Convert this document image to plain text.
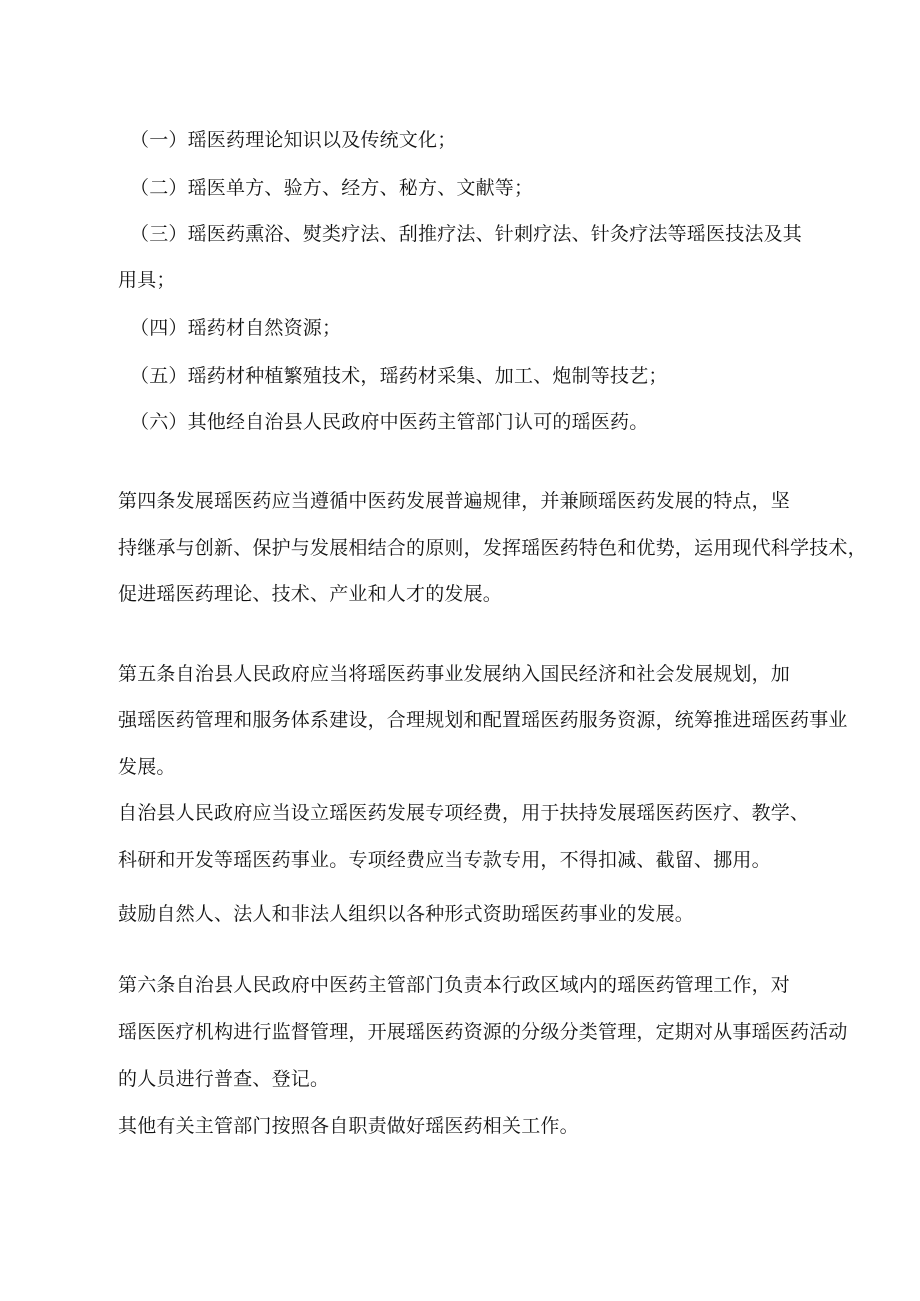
（一）瑶医药理论知识以及传统文化；
（二）瑶医单方、验方、经方、秘方、文献等；
（三）瑶医药熏浴、熨类疗法、刮推疗法、针刺疗法、针灸疗法等瑶医技法及其
用具；
（四）瑶药材自然资源；
（五）瑶药材种植繁殖技术，瑶药材采集、加工、炮制等技艺；
（六）其他经自治县人民政府中医药主管部门认可的瑶医药。
第四条发展瑶医药应当遵循中医药发展普遍规律，并兼顾瑶医药发展的特点，坚
持继承与创新、保护与发展相结合的原则，发挥瑶医药特色和优势，运用现代科学技术，
促进瑶医药理论、技术、产业和人才的发展。
第五条自治县人民政府应当将瑶医药事业发展纳入国民经济和社会发展规划，加
强瑶医药管理和服务体系建设，合理规划和配置瑶医药服务资源，统筹推进瑶医药事业
发展。
自治县人民政府应当设立瑶医药发展专项经费，用于扶持发展瑶医药医疗、教学、
科研和开发等瑶医药事业。专项经费应当专款专用，不得扣减、截留、挪用。
鼓励自然人、法人和非法人组织以各种形式资助瑶医药事业的发展。
第六条自治县人民政府中医药主管部门负责本行政区域内的瑶医药管理工作，对
瑶医医疗机构进行监督管理，开展瑶医药资源的分级分类管理，定期对从事瑶医药活动
的人员进行普查、登记。
其他有关主管部门按照各自职责做好瑶医药相关工作。
